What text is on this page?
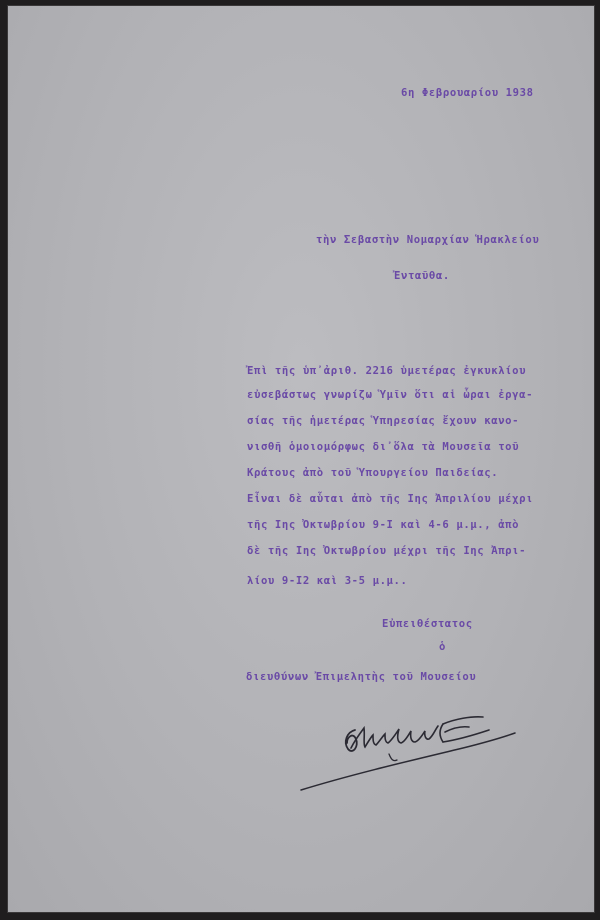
6η Φεβρουαρίου 1938
τὴν Σεβαστὴν Νομαρχίαν Ἡρακλείου
Ἐνταῦθα.
Ἐπὶ τῆς ὑπ᾽ἀριθ. 2216 ὑμετέρας ἐγκυκλίου
εὐσεβάστως γνωρίζω Ὑμῖν ὅτι αἱ ὧραι ἐργα-
σίας τῆς ἡμετέρας Ὑπηρεσίας ἔχουν κανο-
νισθῆ ὁμοιομόρφως δι᾽ὅλα τὰ Μουσεῖα τοῦ
Κράτους ἀπὸ τοῦ Ὑπουργείου Παιδείας.
Εἶναι δὲ αὗται ἀπὸ τῆς Ιης Ἀπριλίου μέχρι
τῆς Ιης Ὀκτωβρίου 9-Ι καὶ 4-6 μ.μ., ἀπὸ
δὲ τῆς Ιης Ὀκτωβρίου μέχρι τῆς Ιης Ἀπρι-
λίου 9-Ι2 καὶ 3-5 μ.μ..
Εὐπειθέστατος
ὁ
διευθύνων Ἐπιμελητὴς τοῦ Μουσείου
